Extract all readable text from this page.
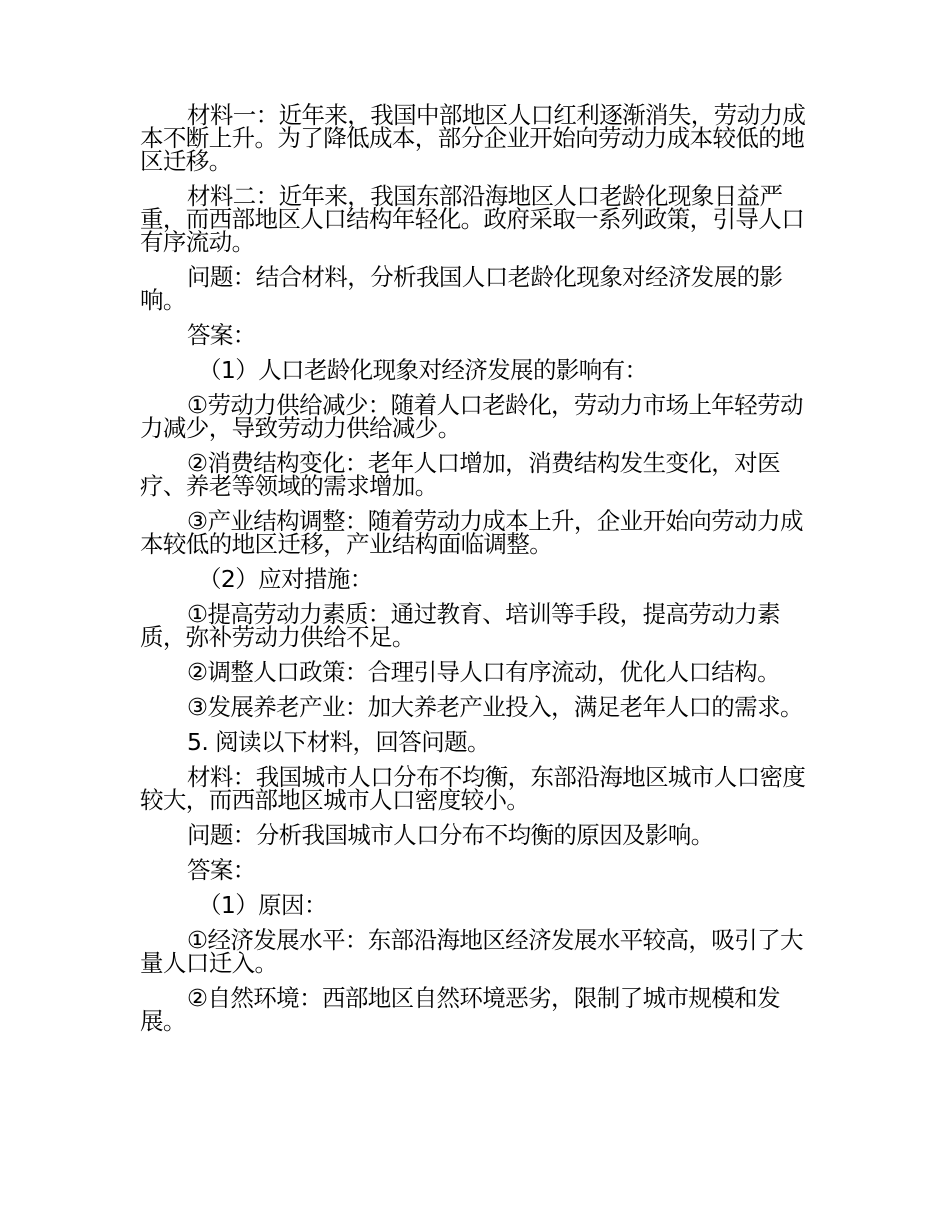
材料一：近年来，我国中部地区人口红利逐渐消失，劳动力成本不断上升。为了降低成本，部分企业开始向劳动力成本较低的地区迁移。

材料二：近年来，我国东部沿海地区人口老龄化现象日益严重，而西部地区人口结构年轻化。政府采取一系列政策，引导人口有序流动。

问题：结合材料，分析我国人口老龄化现象对经济发展的影响。

答案：

（1）人口老龄化现象对经济发展的影响有：

①劳动力供给减少：随着人口老龄化，劳动力市场上年轻劳动力减少，导致劳动力供给减少。

②消费结构变化：老年人口增加，消费结构发生变化，对医疗、养老等领域的需求增加。

③产业结构调整：随着劳动力成本上升，企业开始向劳动力成本较低的地区迁移，产业结构面临调整。

（2）应对措施：

①提高劳动力素质：通过教育、培训等手段，提高劳动力素质，弥补劳动力供给不足。

②调整人口政策：合理引导人口有序流动，优化人口结构。

③发展养老产业：加大养老产业投入，满足老年人口的需求。

5. 阅读以下材料，回答问题。

材料：我国城市人口分布不均衡，东部沿海地区城市人口密度较大，而西部地区城市人口密度较小。

问题：分析我国城市人口分布不均衡的原因及影响。

答案：

（1）原因：

①经济发展水平：东部沿海地区经济发展水平较高，吸引了大量人口迁入。

②自然环境：西部地区自然环境恶劣，限制了城市规模和发展。
